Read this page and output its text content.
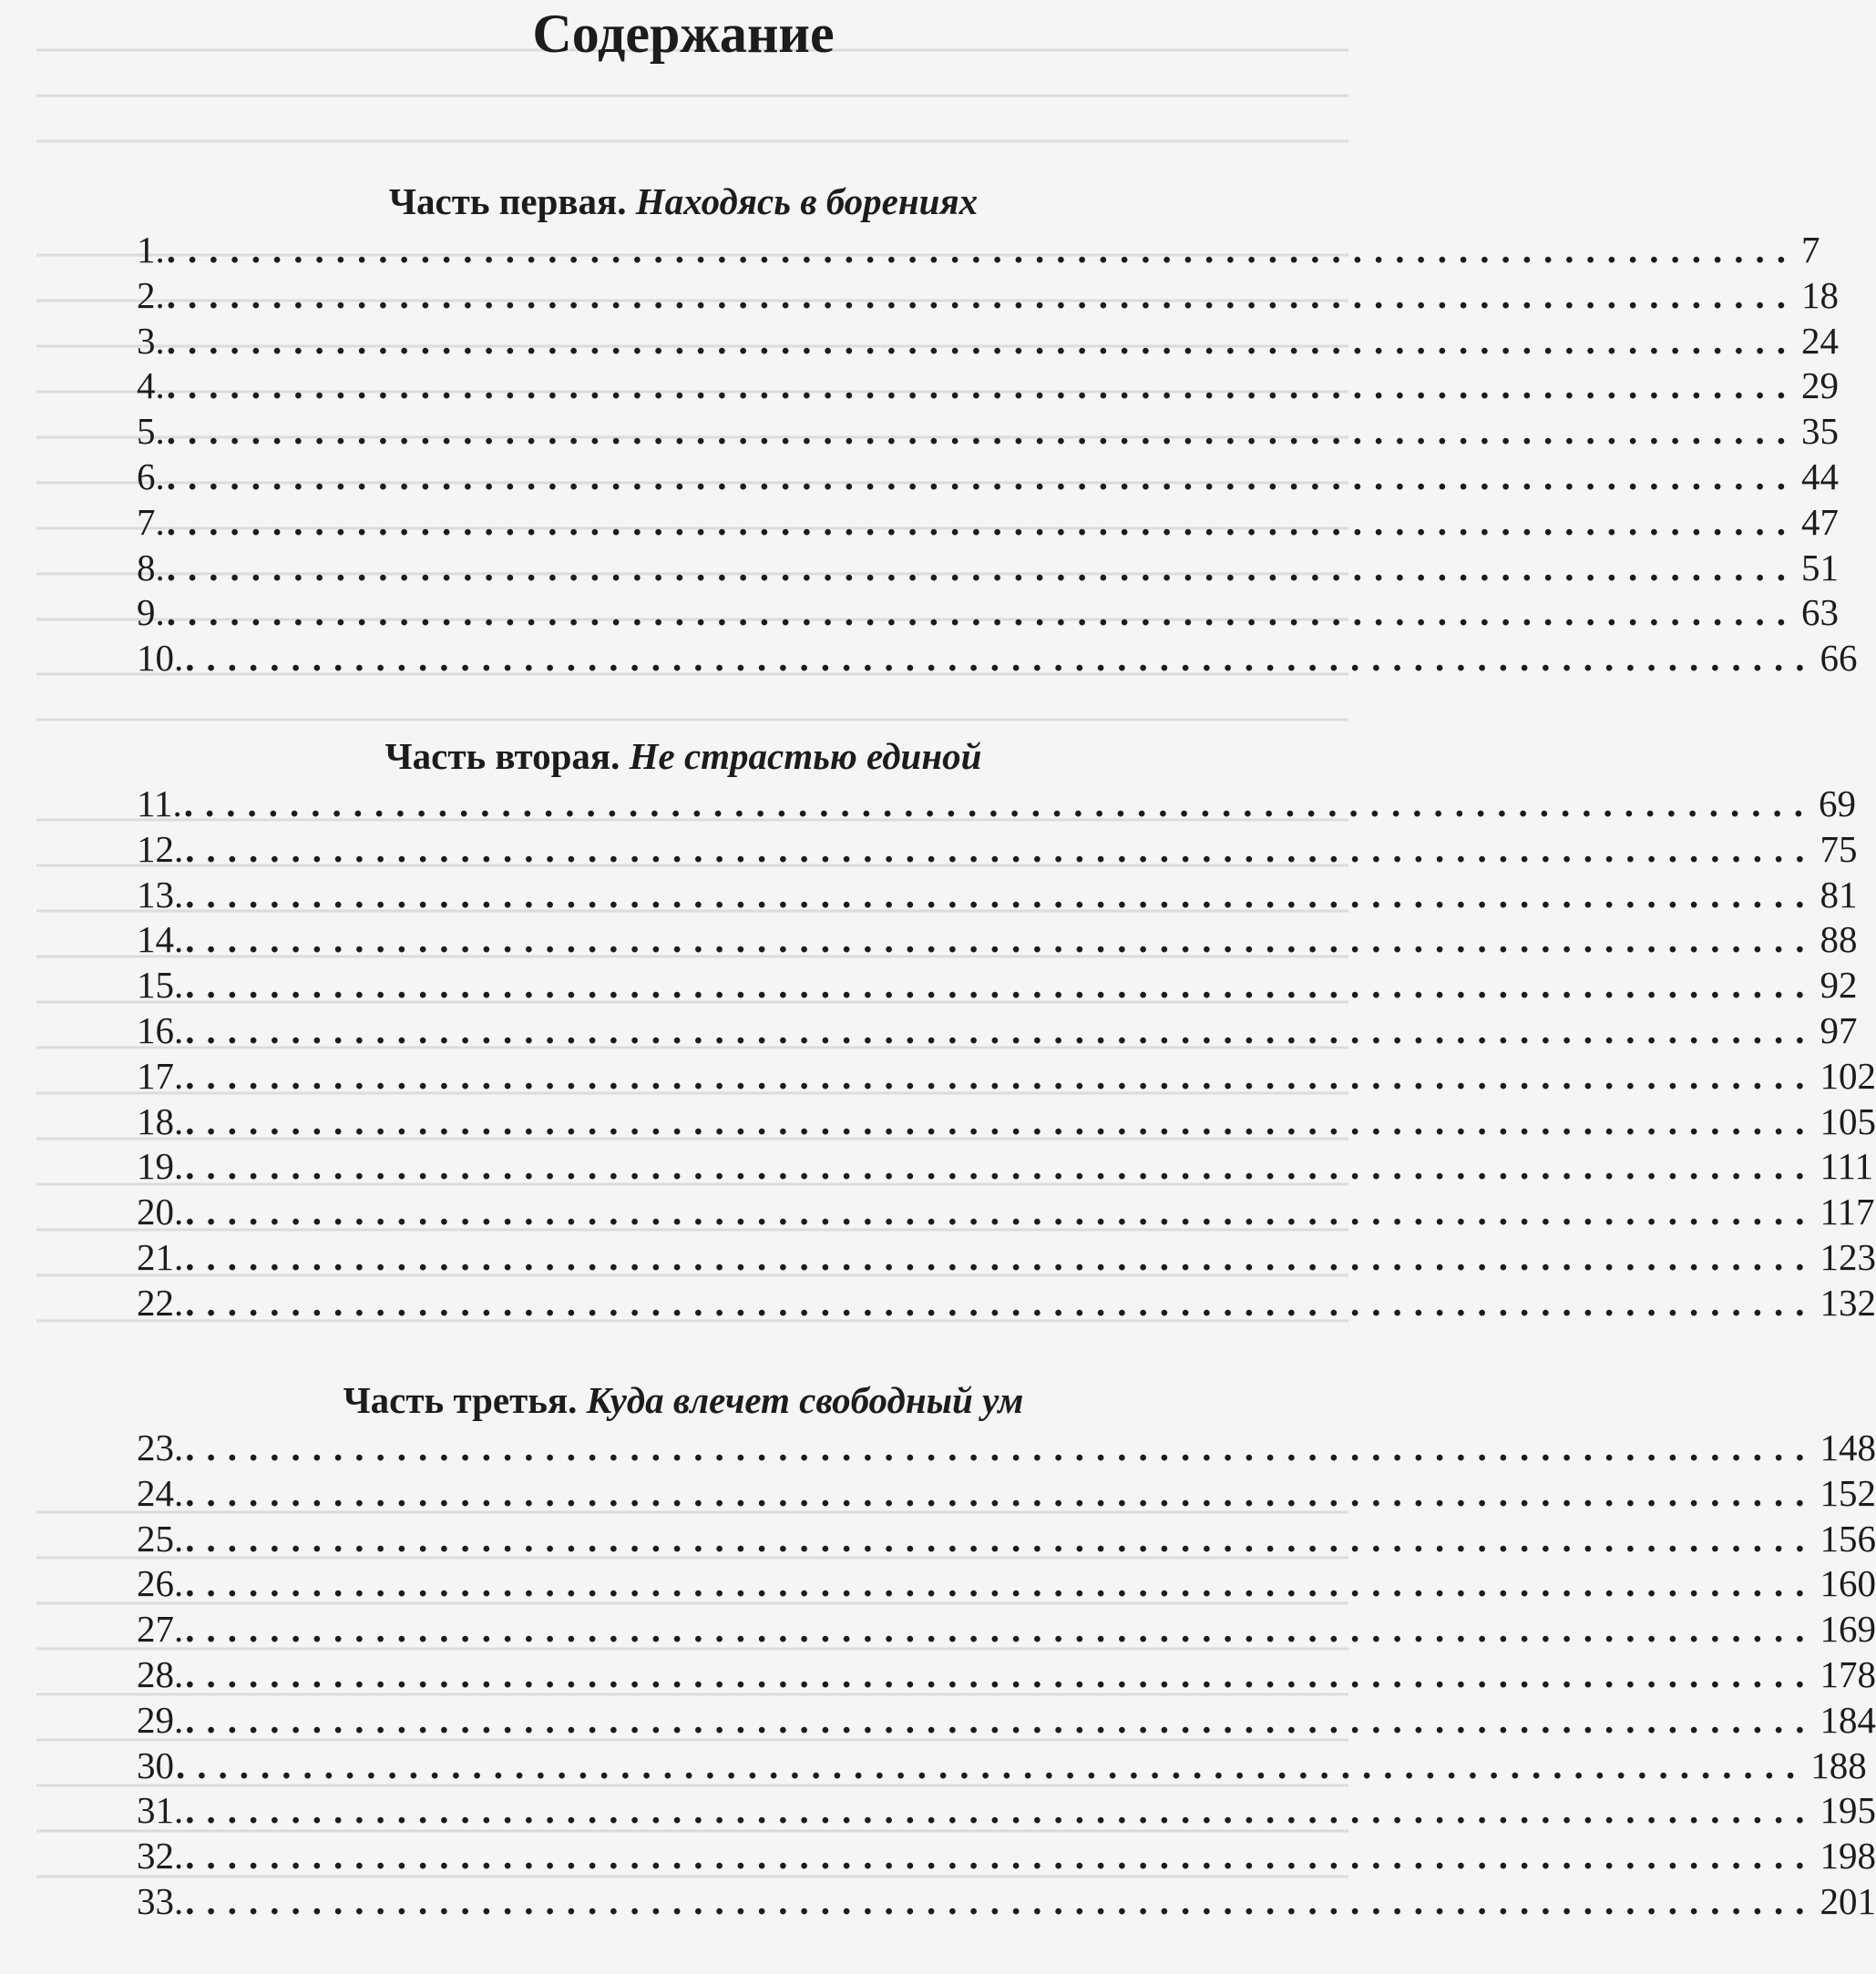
Содержание
Часть первая. Находясь в борениях
1. ............................................................................. 7
2. ............................................................................. 18
3. ............................................................................. 24
4. ............................................................................. 29
5. ............................................................................. 35
6. ............................................................................. 44
7. ............................................................................. 47
8. ............................................................................. 51
9. ............................................................................. 63
10. ............................................................................. 66
Часть вторая. Не страстью единой
11. ............................................................................. 69
12. ............................................................................. 75
13. ............................................................................. 81
14. ............................................................................. 88
15. ............................................................................. 92
16. ............................................................................. 97
17. ............................................................................. 102
18. ............................................................................. 105
19. ............................................................................. 111
20. ............................................................................. 117
21. ............................................................................. 123
22. ............................................................................. 132
Часть третья. Куда влечет свободный ум
23. ............................................................................. 148
24. ............................................................................. 152
25. ............................................................................. 156
26. ............................................................................. 160
27. ............................................................................. 169
28. ............................................................................. 178
29. ............................................................................. 184
30 ............................................................................. 188
31. ............................................................................. 195
32. ............................................................................. 198
33. ............................................................................. 201
